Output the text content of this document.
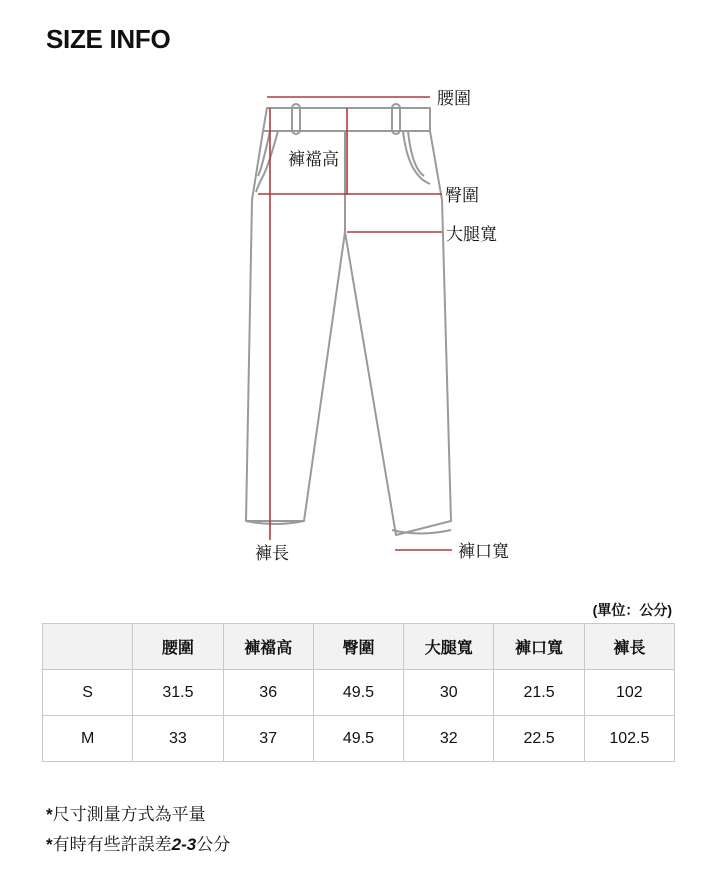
SIZE INFO
腰圍
褲襠高
臀圍
大腿寬
褲長	褲口寬
(單位：公分)
	腰圍	褲襠高	臀圍	大腿寬	褲口寬	褲長
S	31.5	36	49.5	30	21.5	102
M	33	37	49.5	32	22.5	102.5
*尺寸測量方式為平量
*有時有些許誤差2-3公分
